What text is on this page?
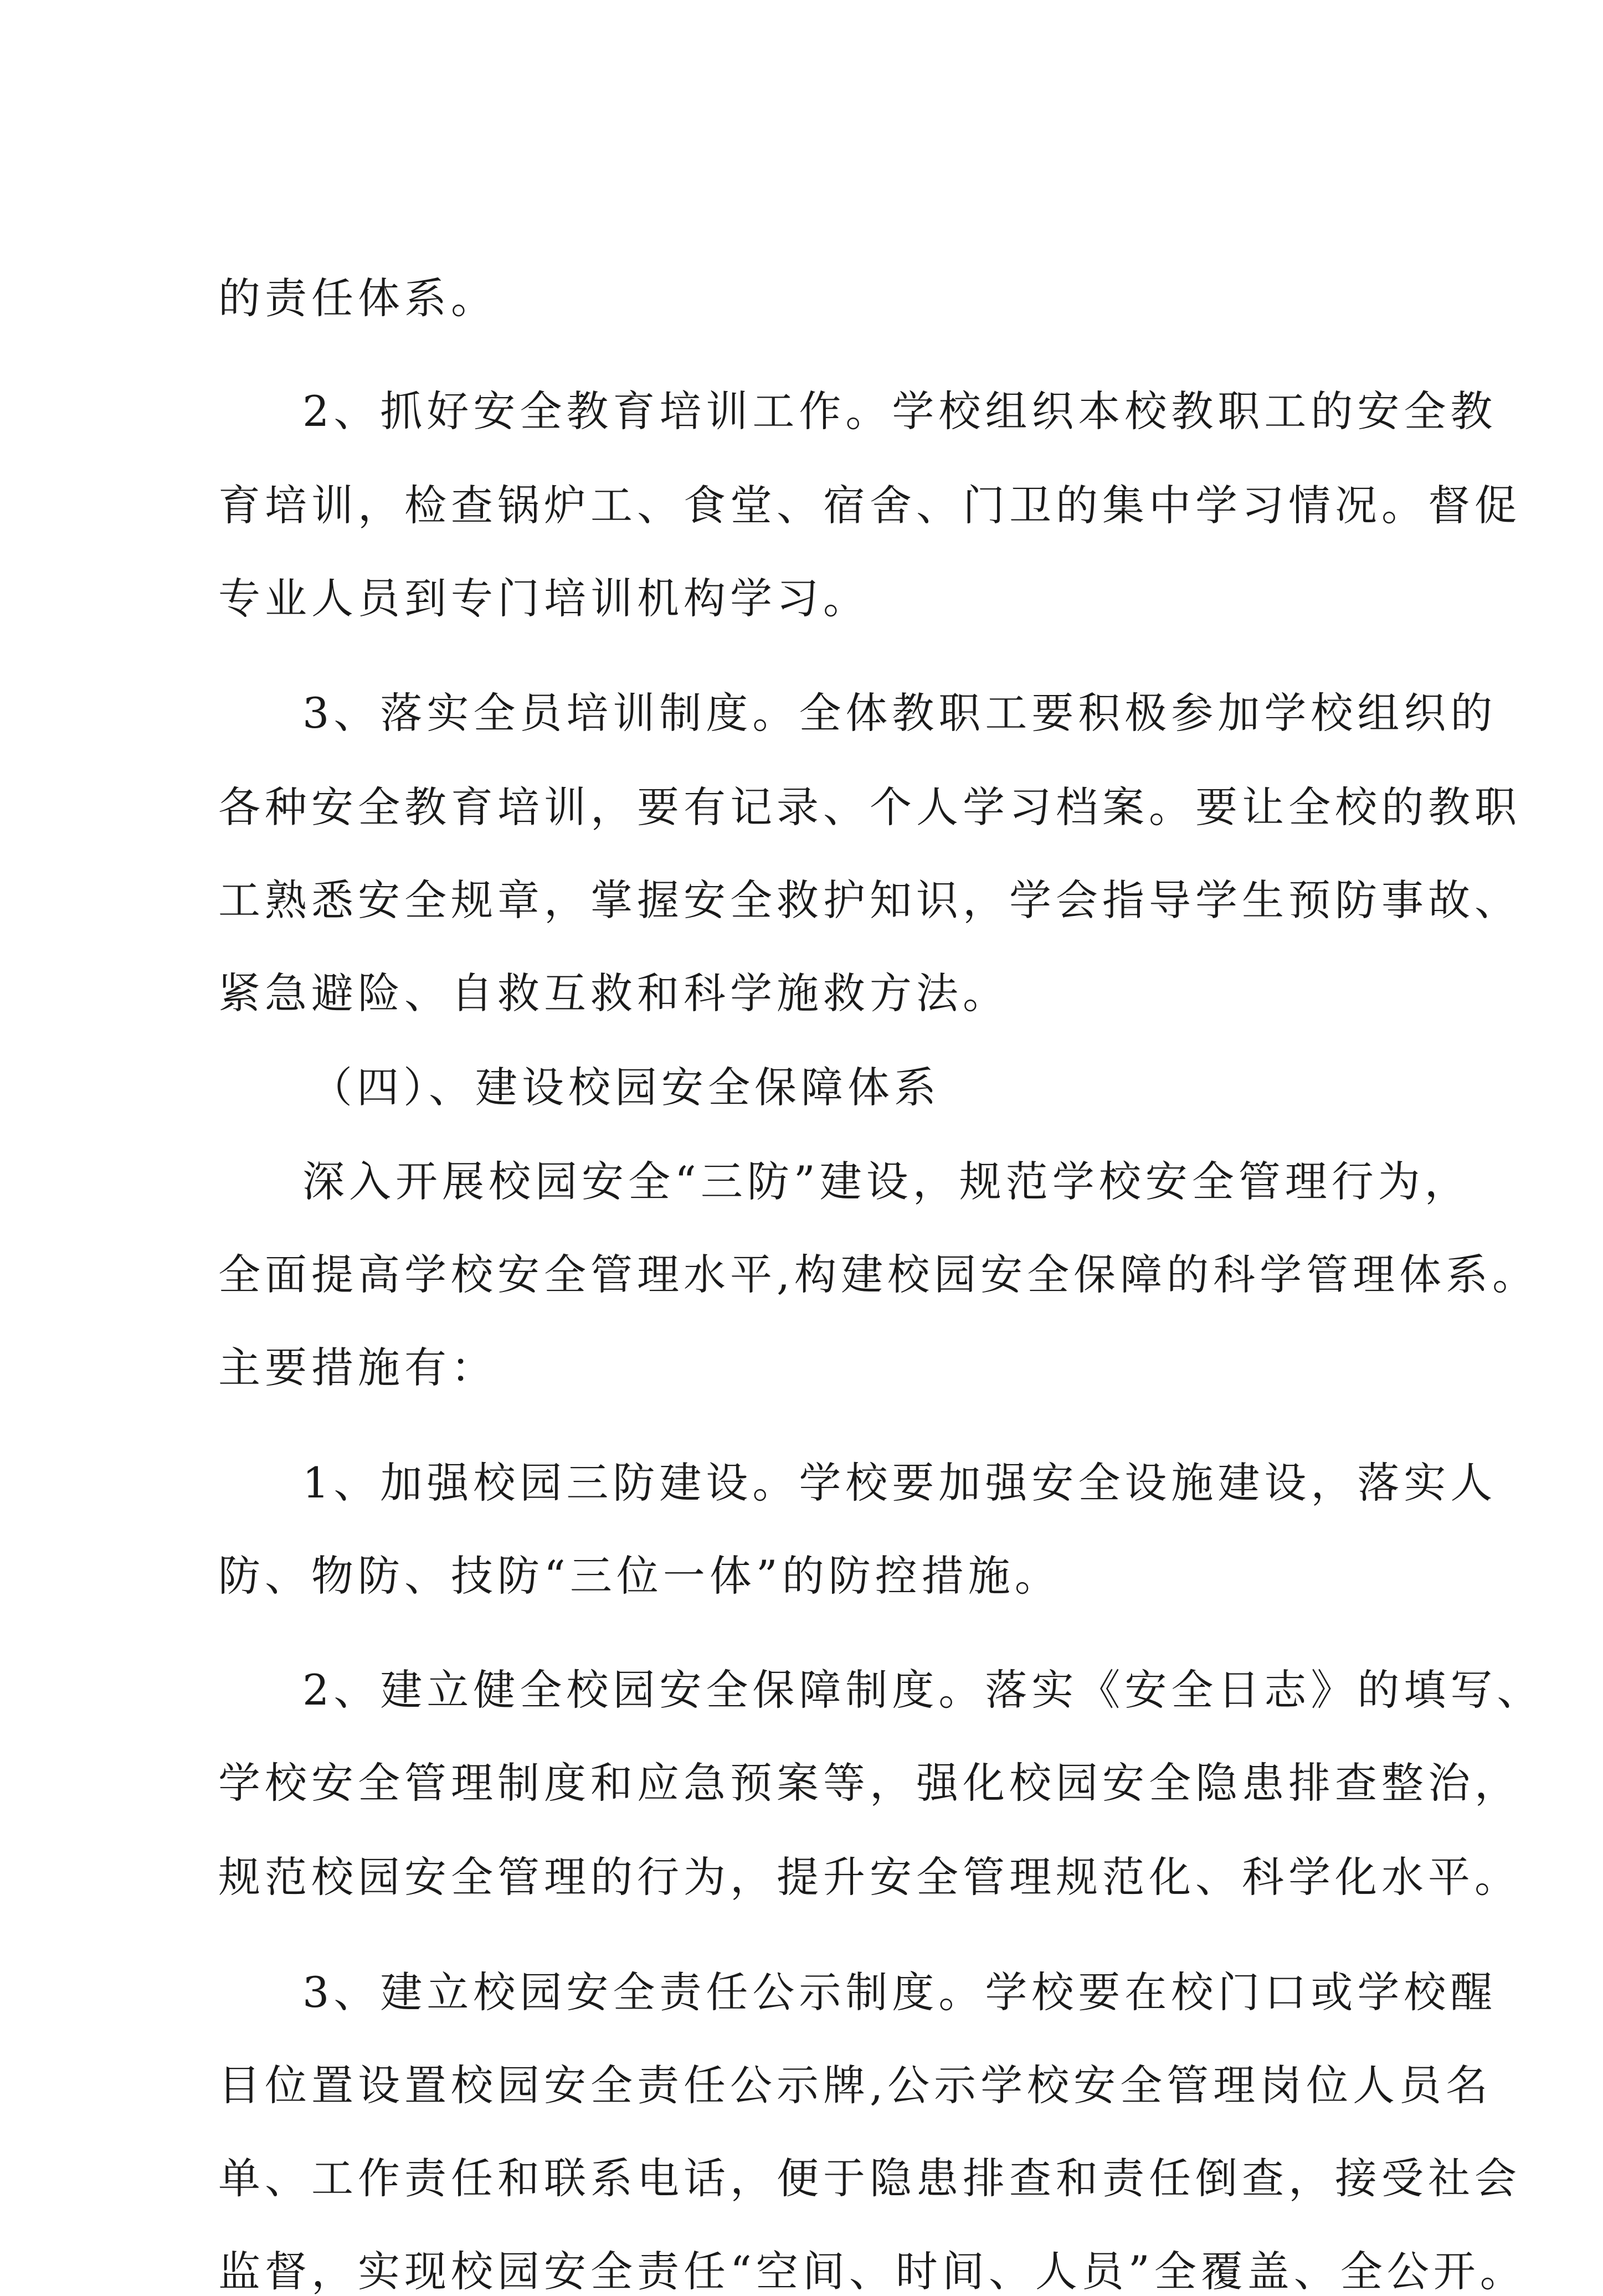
的责任体系。
2、抓好安全教育培训工作。学校组织本校教职工的安全教
育培训，检查锅炉工、食堂、宿舍、门卫的集中学习情况。督促
专业人员到专门培训机构学习。
3、落实全员培训制度。全体教职工要积极参加学校组织的
各种安全教育培训，要有记录、个人学习档案。要让全校的教职
工熟悉安全规章，掌握安全救护知识，学会指导学生预防事故、
紧急避险、自救互救和科学施救方法。
（四）、建设校园安全保障体系
深入开展校园安全“三防”建设，规范学校安全管理行为，
全面提高学校安全管理水平,构建校园安全保障的科学管理体系。
主要措施有：
1、加强校园三防建设。学校要加强安全设施建设，落实人
防、物防、技防“三位一体”的防控措施。
2、建立健全校园安全保障制度。落实《安全日志》的填写、
学校安全管理制度和应急预案等，强化校园安全隐患排查整治，
规范校园安全管理的行为，提升安全管理规范化、科学化水平。
3、建立校园安全责任公示制度。学校要在校门口或学校醒
目位置设置校园安全责任公示牌,公示学校安全管理岗位人员名
单、工作责任和联系电话，便于隐患排查和责任倒查，接受社会
监督，实现校园安全责任“空间、时间、人员”全覆盖、全公开。
